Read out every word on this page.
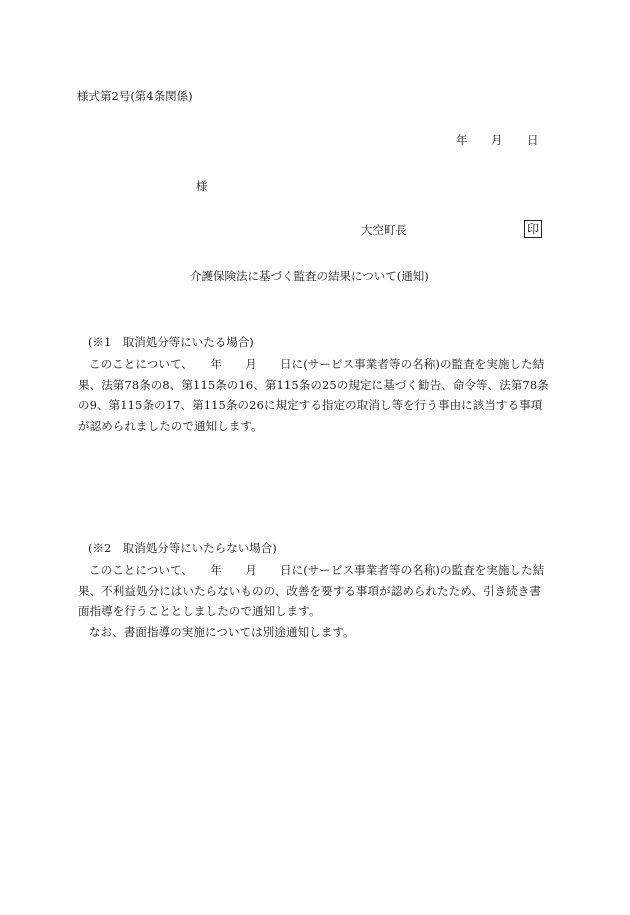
様式第2号(第4条関係)
年 月 日
様
大空町長	印
介護保険法に基づく監査の結果について(通知)
(※1　取消処分等にいたる場合)

このことについて、　　年　　月　　日に(サービス事業者等の名称)の監査を実施した結果、法第78条の8、第115条の16、第115条の25の規定に基づく勧告、命令等、法第78条の9、第115条の17、第115条の26に規定する指定の取消し等を行う事由に該当する事項が認められましたので通知します。

(※2　取消処分等にいたらない場合)

このことについて、　　年　　月　　日に(サービス事業者等の名称)の監査を実施した結果、不利益処分にはいたらないものの、改善を要する事項が認められたため、引き続き書面指導を行うこととしましたので通知します。

なお、書面指導の実施については別途通知します。
